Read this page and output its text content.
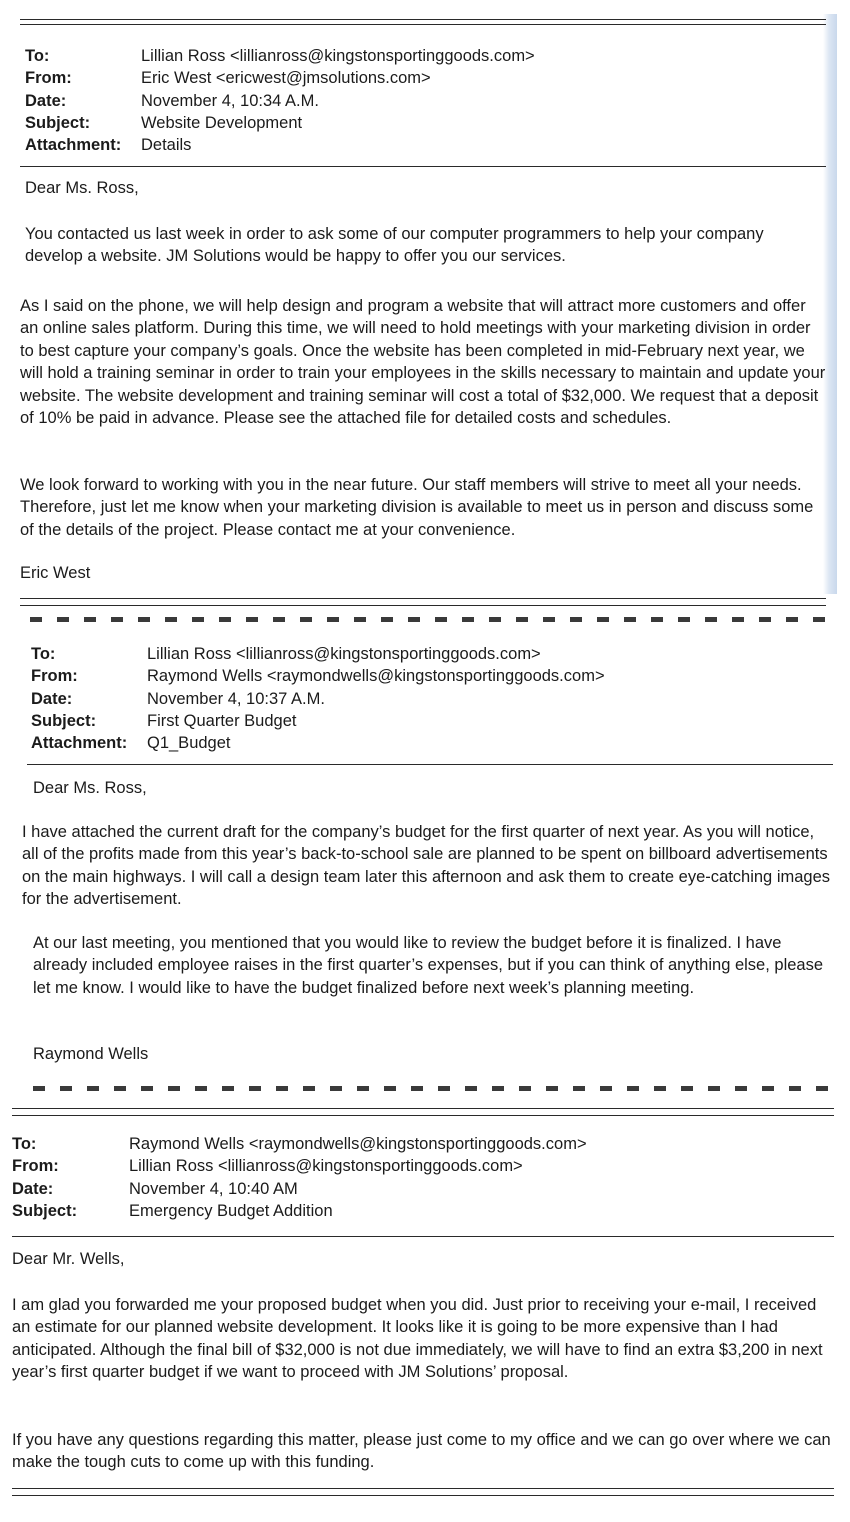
To:	Lillian Ross <lillianross@kingstonsportinggoods.com>
From:	Eric West <ericwest@jmsolutions.com>
Date:	November 4, 10:34 A.M.
Subject:	Website Development
Attachment:	Details

Dear Ms. Ross,

You contacted us last week in order to ask some of our computer programmers to help your company develop a website. JM Solutions would be happy to offer you our services.

As I said on the phone, we will help design and program a website that will attract more customers and offer an online sales platform. During this time, we will need to hold meetings with your marketing division in order to best capture your company’s goals. Once the website has been completed in mid-February next year, we will hold a training seminar in order to train your employees in the skills necessary to maintain and update your website. The website development and training seminar will cost a total of $32,000. We request that a deposit of 10% be paid in advance. Please see the attached file for detailed costs and schedules.

We look forward to working with you in the near future. Our staff members will strive to meet all your needs. Therefore, just let me know when your marketing division is available to meet us in person and discuss some of the details of the project. Please contact me at your convenience.

Eric West

To:	Lillian Ross <lillianross@kingstonsportinggoods.com>
From:	Raymond Wells <raymondwells@kingstonsportinggoods.com>
Date:	November 4, 10:37 A.M.
Subject:	First Quarter Budget
Attachment:	Q1_Budget

Dear Ms. Ross,

I have attached the current draft for the company’s budget for the first quarter of next year. As you will notice, all of the profits made from this year’s back-to-school sale are planned to be spent on billboard advertisements on the main highways. I will call a design team later this afternoon and ask them to create eye-catching images for the advertisement.

At our last meeting, you mentioned that you would like to review the budget before it is finalized. I have already included employee raises in the first quarter’s expenses, but if you can think of anything else, please let me know. I would like to have the budget finalized before next week’s planning meeting.

Raymond Wells

To:	Raymond Wells <raymondwells@kingstonsportinggoods.com>
From:	Lillian Ross <lillianross@kingstonsportinggoods.com>
Date:	November 4, 10:40 AM
Subject:	Emergency Budget Addition

Dear Mr. Wells,

I am glad you forwarded me your proposed budget when you did. Just prior to receiving your e-mail, I received an estimate for our planned website development. It looks like it is going to be more expensive than I had anticipated. Although the final bill of $32,000 is not due immediately, we will have to find an extra $3,200 in next year’s first quarter budget if we want to proceed with JM Solutions’ proposal.

If you have any questions regarding this matter, please just come to my office and we can go over where we can make the tough cuts to come up with this funding.
